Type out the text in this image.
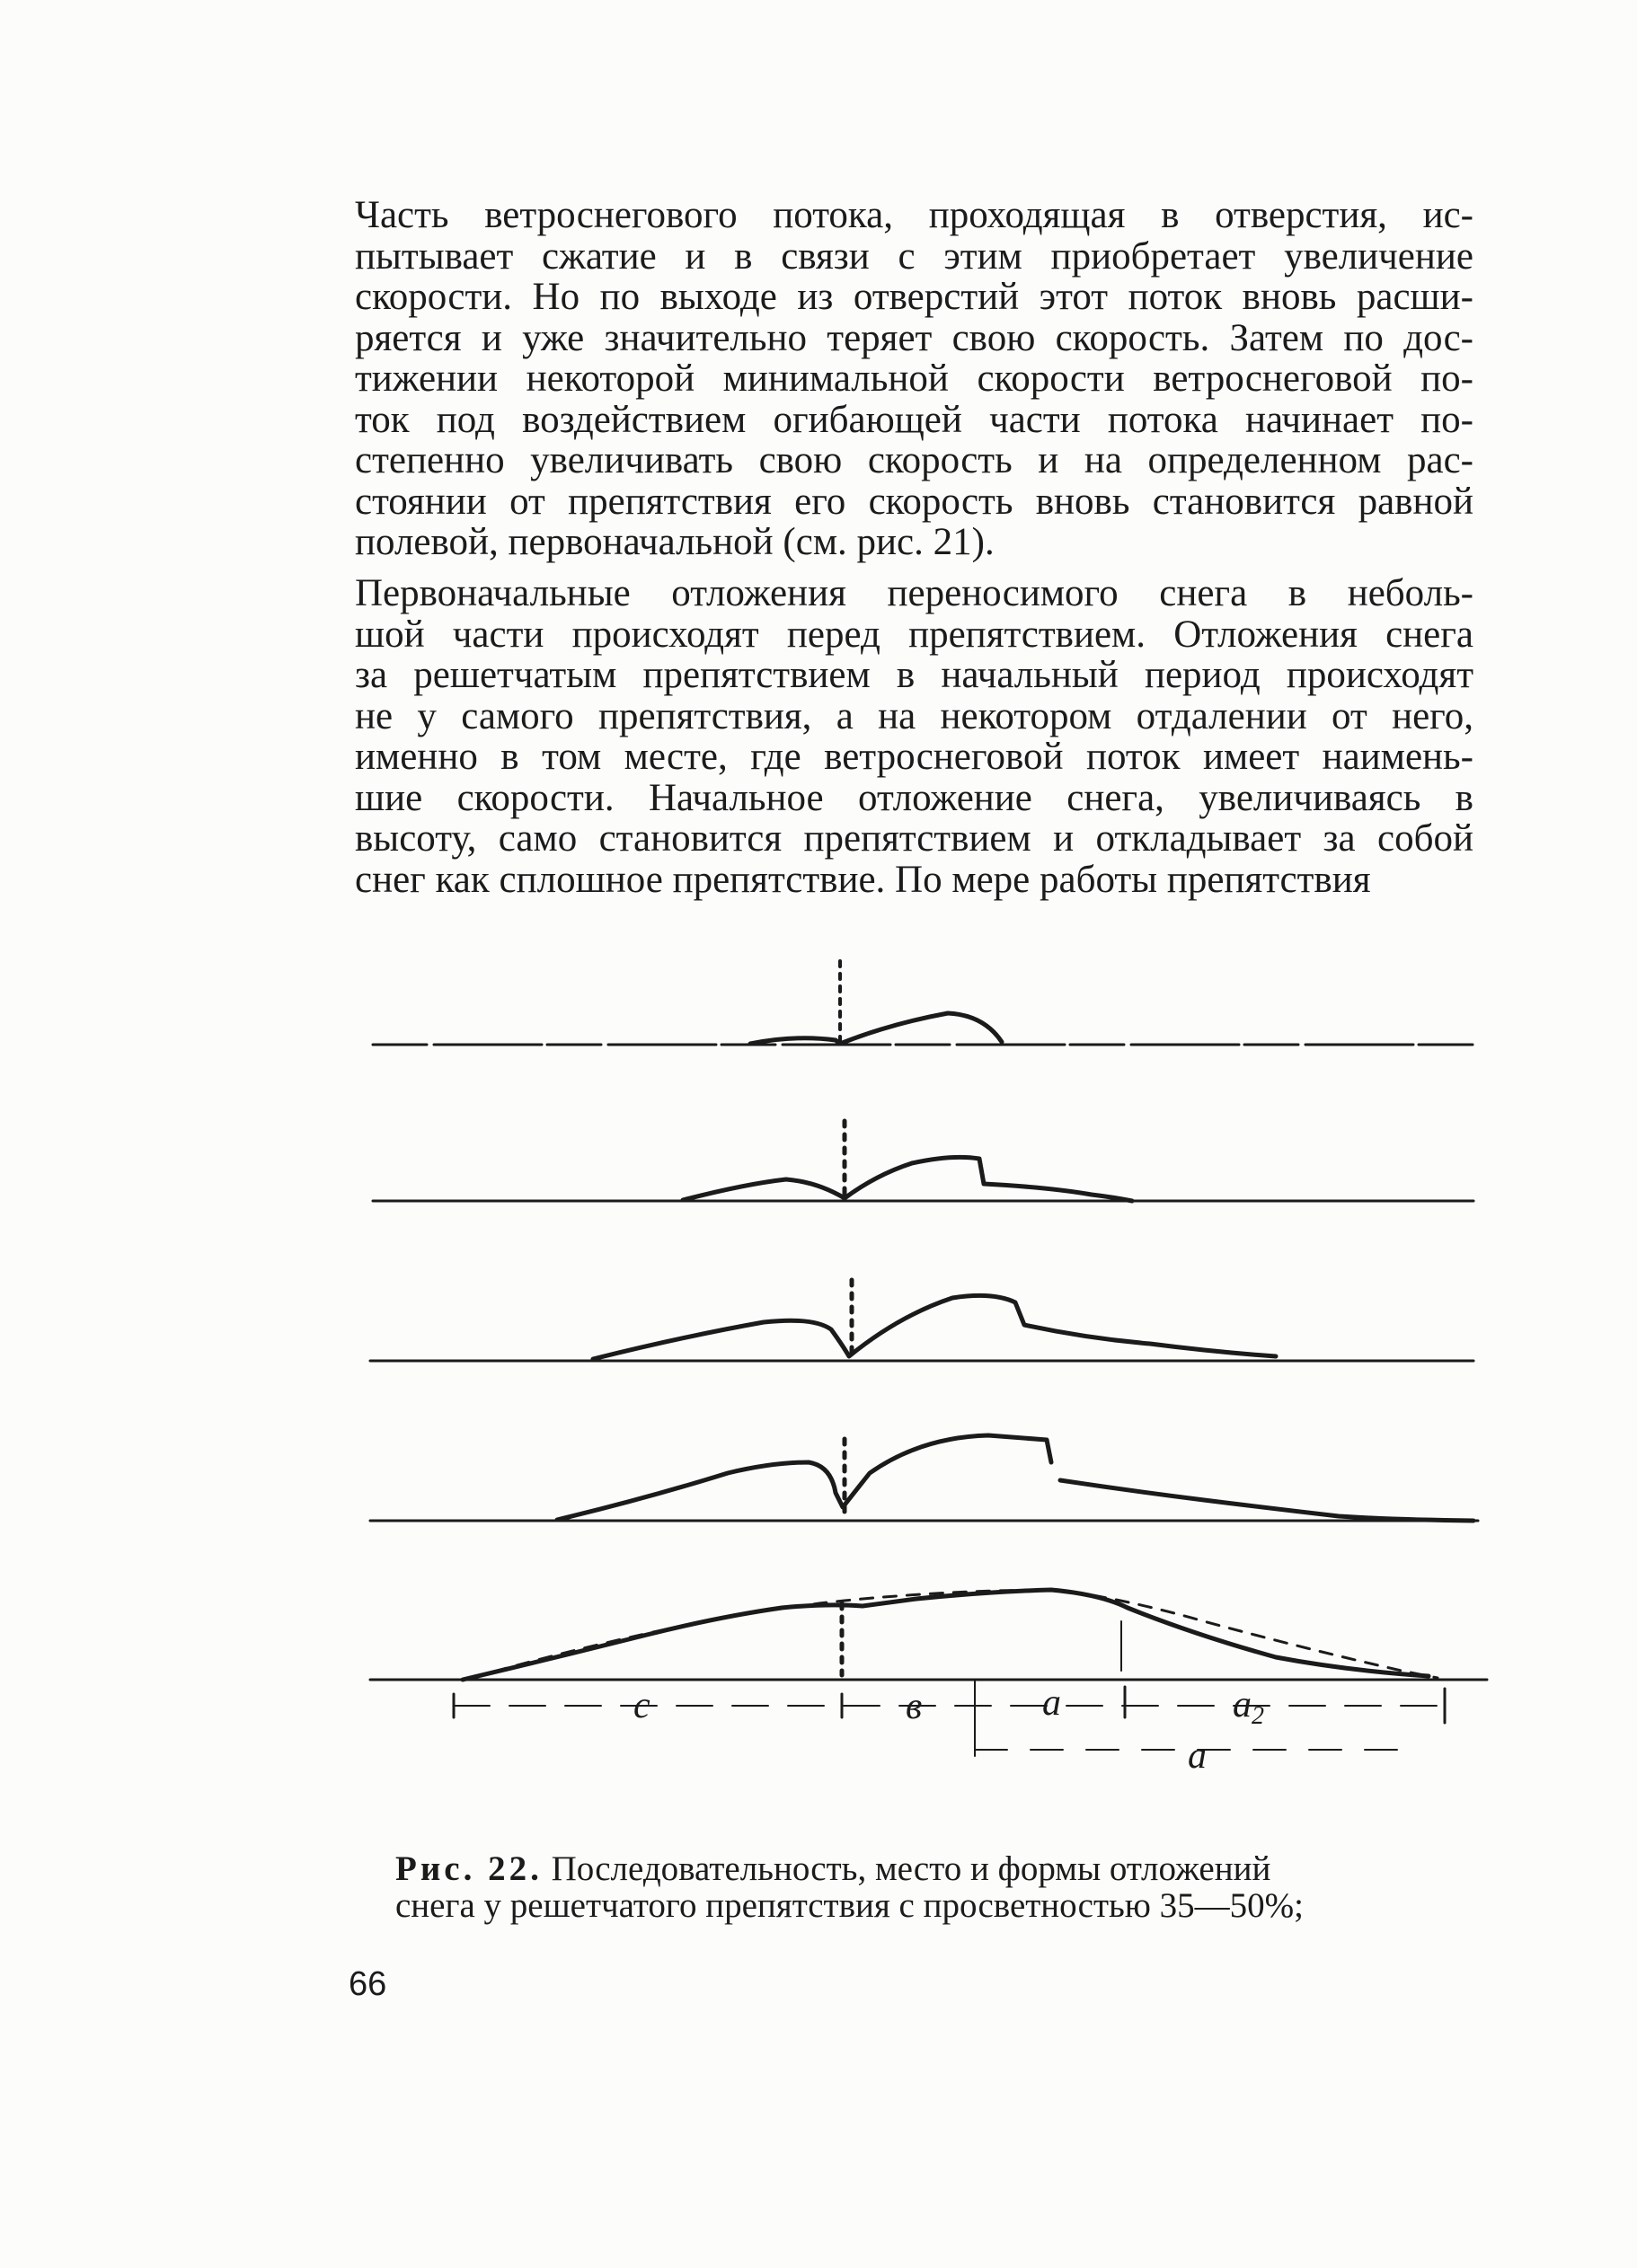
Часть ветроснегового потока, проходящая в отверстия, ис-
пытывает сжатие и в связи с этим приобретает увеличение
скорости. Но по выходе из отверстий этот поток вновь расши-
ряется и уже значительно теряет свою скорость. Затем по дос-
тижении некоторой минимальной скорости ветроснеговой по-
ток под воздействием огибающей части потока начинает по-
степенно увеличивать свою скорость и на определенном рас-
стоянии от препятствия его скорость вновь становится равной
полевой, первоначальной (см. рис. 21).
Первоначальные отложения переносимого снега в неболь-
шой части происходят перед препятствием. Отложения снега
за решетчатым препятствием в начальный период происходят
не у самого препятствия, а на некотором отдалении от него,
именно в том месте, где ветроснеговой поток имеет наимень-
шие скорости. Начальное отложение снега, увеличиваясь в
высоту, само становится препятствием и откладывает за собой
снег как сплошное препятствие. По мере работы препятствия
c	в	a	a2
a
Рис. 22. Последовательность, место и формы отложений
снега у решетчатого препятствия с просветностью 35—50%;
66
